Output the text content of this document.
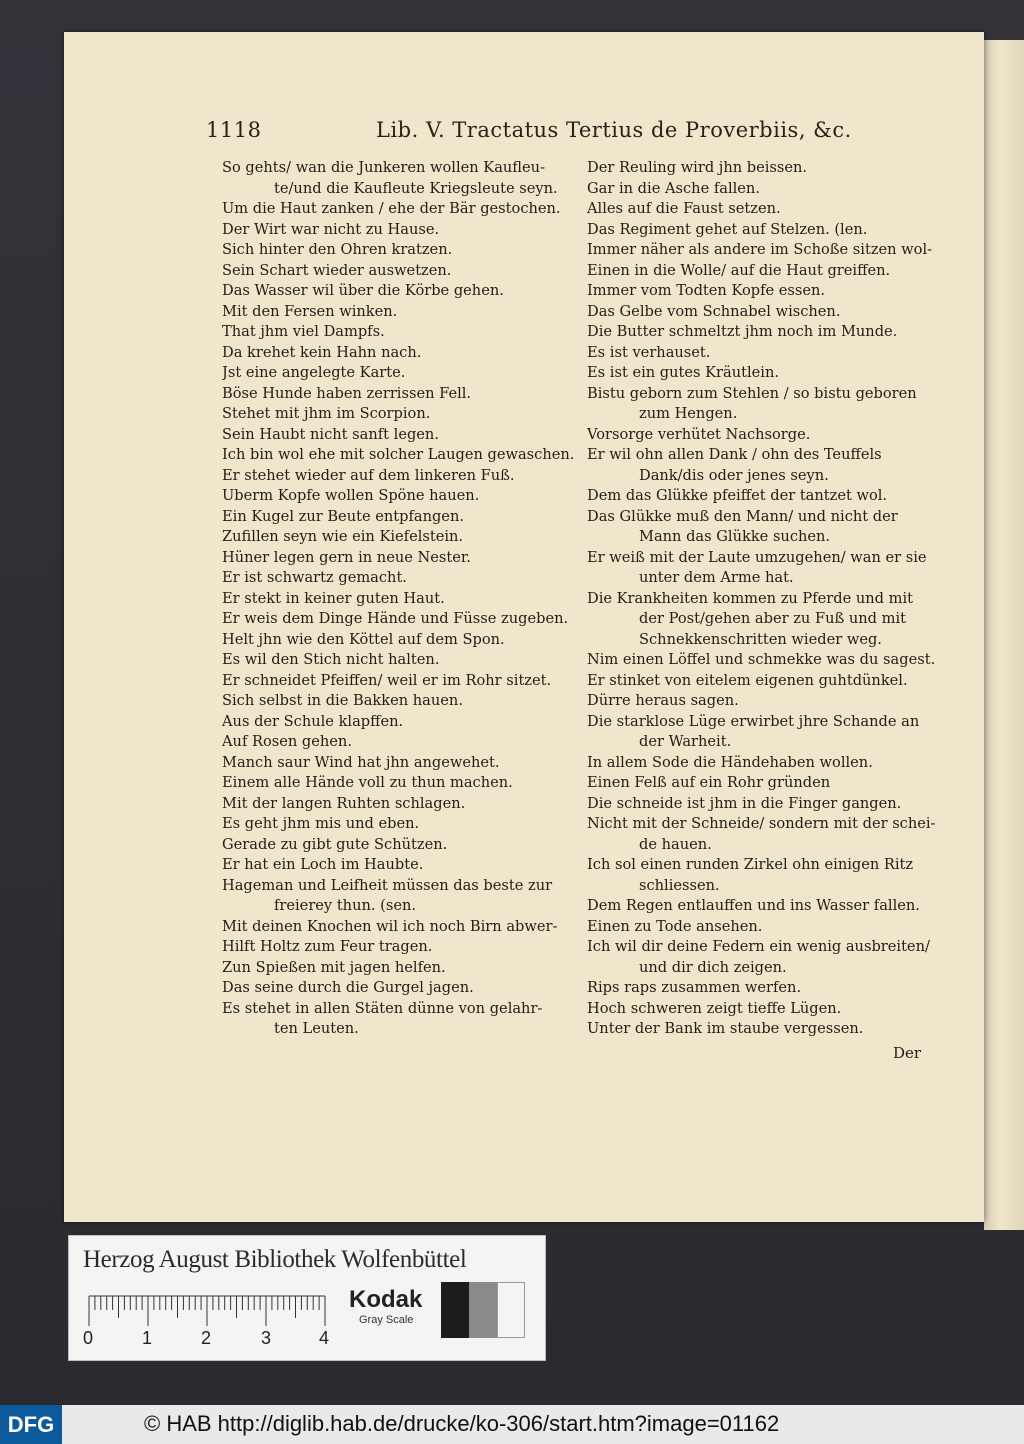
1118	Lib. V. Tractatus Tertius de Proverbiis, &c.
So gehts/ wan die Junkeren wollen Kaufleu-
te/und die Kaufleute Kriegsleute seyn.
Um die Haut zanken / ehe der Bär gestochen.
Der Wirt war nicht zu Hause.
Sich hinter den Ohren kratzen.
Sein Schart wieder auswetzen.
Das Wasser wil über die Körbe gehen.
Mit den Fersen winken.
That jhm viel Dampfs.
Da krehet kein Hahn nach.
Jst eine angelegte Karte.
Böse Hunde haben zerrissen Fell.
Stehet mit jhm im Scorpion.
Sein Haubt nicht sanft legen.
Ich bin wol ehe mit solcher Laugen gewaschen.
Er stehet wieder auf dem linkeren Fuß.
Uberm Kopfe wollen Spöne hauen.
Ein Kugel zur Beute entpfangen.
Zufillen seyn wie ein Kiefelstein.
Hüner legen gern in neue Nester.
Er ist schwartz gemacht.
Er stekt in keiner guten Haut.
Er weis dem Dinge Hände und Füsse zugeben.
Helt jhn wie den Köttel auf dem Spon.
Es wil den Stich nicht halten.
Er schneidet Pfeiffen/ weil er im Rohr sitzet.
Sich selbst in die Bakken hauen.
Aus der Schule klapffen.
Auf Rosen gehen.
Manch saur Wind hat jhn angewehet.
Einem alle Hände voll zu thun machen.
Mit der langen Ruhten schlagen.
Es geht jhm mis und eben.
Gerade zu gibt gute Schützen.
Er hat ein Loch im Haubte.
Hageman und Leifheit müssen das beste zur
freierey thun. (sen.
Mit deinen Knochen wil ich noch Birn abwer-
Hilft Holtz zum Feur tragen.
Zun Spießen mit jagen helfen.
Das seine durch die Gurgel jagen.
Es stehet in allen Stäten dünne von gelahr-
ten Leuten.
Der Reuling wird jhn beissen.
Gar in die Asche fallen.
Alles auf die Faust setzen.
Das Regiment gehet auf Stelzen. (len.
Immer näher als andere im Schoße sitzen wol-
Einen in die Wolle/ auf die Haut greiffen.
Immer vom Todten Kopfe essen.
Das Gelbe vom Schnabel wischen.
Die Butter schmeltzt jhm noch im Munde.
Es ist verhauset.
Es ist ein gutes Kräutlein.
Bistu geborn zum Stehlen / so bistu geboren
zum Hengen.
Vorsorge verhütet Nachsorge.
Er wil ohn allen Dank / ohn des Teuffels
Dank/dis oder jenes seyn.
Dem das Glükke pfeiffet der tantzet wol.
Das Glükke muß den Mann/ und nicht der
Mann das Glükke suchen.
Er weiß mit der Laute umzugehen/ wan er sie
unter dem Arme hat.
Die Krankheiten kommen zu Pferde und mit
der Post/gehen aber zu Fuß und mit
Schnekkenschritten wieder weg.
Nim einen Löffel und schmekke was du sagest.
Er stinket von eitelem eigenen guhtdünkel.
Dürre heraus sagen.
Die starklose Lüge erwirbet jhre Schande an
der Warheit.
In allem Sode die Händehaben wollen.
Einen Felß auf ein Rohr gründen
Die schneide ist jhm in die Finger gangen.
Nicht mit der Schneide/ sondern mit der schei-
de hauen.
Ich sol einen runden Zirkel ohn einigen Ritz
schliessen.
Dem Regen entlauffen und ins Wasser fallen.
Einen zu Tode ansehen.
Ich wil dir deine Federn ein wenig ausbreiten/
und dir dich zeigen.
Rips raps zusammen werfen.
Hoch schweren zeigt tieffe Lügen.
Unter der Bank im staube vergessen.
Der
Herzog August Bibliothek Wolfenbüttel
0	1	2	3	4
Kodak
Gray Scale
DFG	© HAB http://diglib.hab.de/drucke/ko-306/start.htm?image=01162
